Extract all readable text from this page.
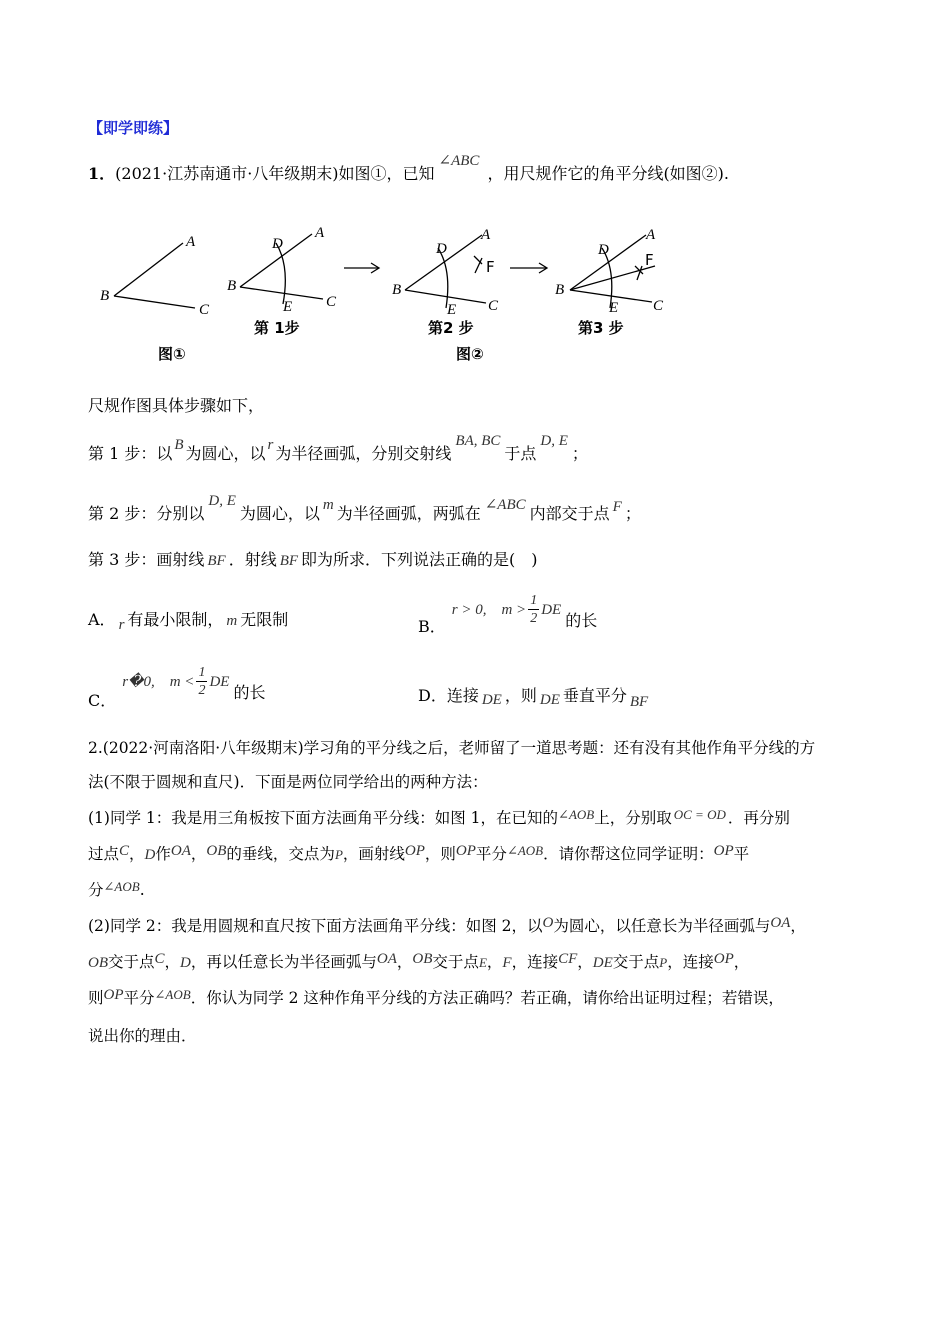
【即学即练】
1．(2021·江苏南通市·八年级期末)如图①，已知∠ABC，用尺规作它的角平分线(如图②).
A
B
C
A
D
B
E C
A
D
F
B
E C
A
D
F
B
E C
第 1步	第2 步	第3 步
图①	图②
尺规作图具体步骤如下，
第 1 步：以 B 为圆心，以 r 为半径画弧，分别交射线BA, BC于点D, E；
第 2 步：分别以D, E为圆心，以 m 为半径画弧，两弧在 ∠ABC 内部交于点 F ；
第 3 步：画射线 BF ．射线 BF 即为所求．下列说法正确的是(　)
A． r 有最小限制， m 无限制	B．r > 0,　$m > \frac{1}{2}$ DE的长
C．r�0,　$m < \frac{1}{2}$ DE的长	D．连接 DE ，则 DE 垂直平分 BF
2.(2022·河南洛阳·八年级期末)学习角的平分线之后，老师留了一道思考题：还有没有其他作角平分线的方
法(不限于圆规和直尺)．下面是两位同学给出的两种方法：
(1)同学 1：我是用三角板按下面方法画角平分线：如图 1，在已知的$^{\angle AOB}$上，分别取 $^{OC = OD}$ ．再分别
过点C，D作OA，OB的垂线，交点为P，画射线OP，则OP平分$^{\angle AOB}$．请你帮这位同学证明：OP平
分$^{\angle AOB}$.
(2)同学 2：我是用圆规和直尺按下面方法画角平分线：如图 2，以O为圆心，以任意长为半径画弧与OA，
OB交于点C，D，再以任意长为半径画弧与OA，OB交于点E，F，连接CF，DE交于点P，连接OP，
则OP平分$^{\angle AOB}$．你认为同学 2 这种作角平分线的方法正确吗？若正确，请你给出证明过程；若错误，
说出你的理由．
